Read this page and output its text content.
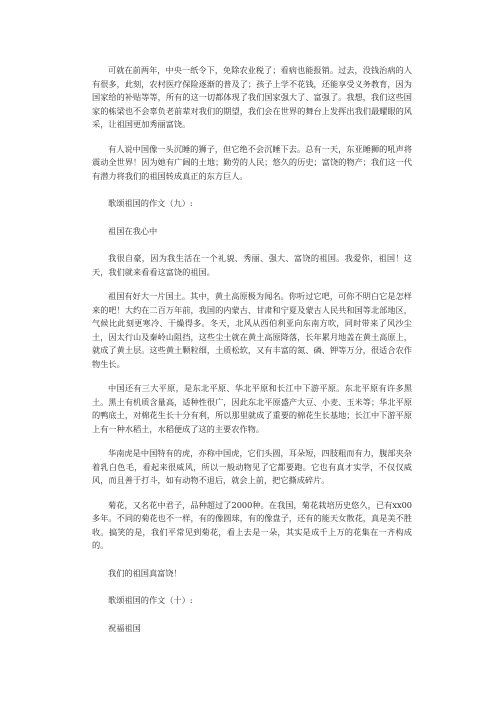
可就在前两年，中央一纸令下，免除农业税了；看病也能报销。过去，没钱治病的人有很多，此刻，农村医疗保险逐渐的普及了；孩子上学不花钱，还能享受义务教育，因为国家给的补贴等等，所有的这一切都体现了我们国家强大了、富强了。我想，我们这些国家的栋梁也不会辜负老前辈对我们的期望，我们会在世界的舞台上发挥出我们最耀眼的风采，让祖国更加秀丽富饶。

有人说中国像一头沉睡的狮子，但它绝不会沉睡下去。总有一天，东亚睡狮的吼声将震动全世界！因为她有广阔的土地；勤劳的人民；悠久的历史；富饶的物产；我们这一代有潜力将我们的祖国转成真正的东方巨人。

歌颂祖国的作文（九）:

祖国在我心中

我很自豪，因为我生活在一个礼貌、秀丽、强大、富饶的祖国。我爱你，祖国！这天，我们就来看看这富饶的祖国。

祖国有好大一片国土。其中，黄土高原极为闻名。你听过它吧，可你不明白它是怎样来的吧！大约在二百万年前，我国的内蒙古、甘肃和宁夏及蒙古人民共和国等北部地区，气候比此刻更寒冷、干燥得多。冬天，北风从西伯利亚向东南方吹，同时带来了风沙尘土，因太行山及秦岭山阻挡，这些尘土就在黄土高原降落，长年累月地盖在黄土高原上，就成了黄土层。这些黄土颗粒细，土质松软，又有丰富的氮、磷、钾等万分，很适合农作物生长。

中国还有三大平原，是东北平原、华北平原和长江中下游平原。东北平原有许多黑土。黑土有机质含量高，适种性很广，因此东北平原盛产大豆、小麦、玉米等；华北平原的鸭底土，对棉花生长十分有利，所以那里就成了重要的棉花生长基地；长江中下游平原上有一种水稻土，水稻便成了这的主要农作物。

华南虎是中国特有的虎，亦称中国虎，它们头圆，耳朵短，四肢粗而有力，腹部夹杂着乳白色毛，看起来很威风，所以一般动物见了它都要跑。它也有真才实学，不仅仅威风，而且善于打斗，如有动物不退后，就会上前，把它撕成碎片。

菊花，又名花中君子，品种超过了2000种。在我国，菊花栽培历史悠久，已有xx00多年。不同的菊花也不一样，有的像圆球，有的像盘子，还有的能天女散花，真是美不胜收。搞笑的是，我们平常见到菊花，看上去是一朵，其实是成千上万的花集在一齐构成的。

我们的祖国真富饶！

歌颂祖国的作文（十）:

祝福祖国
